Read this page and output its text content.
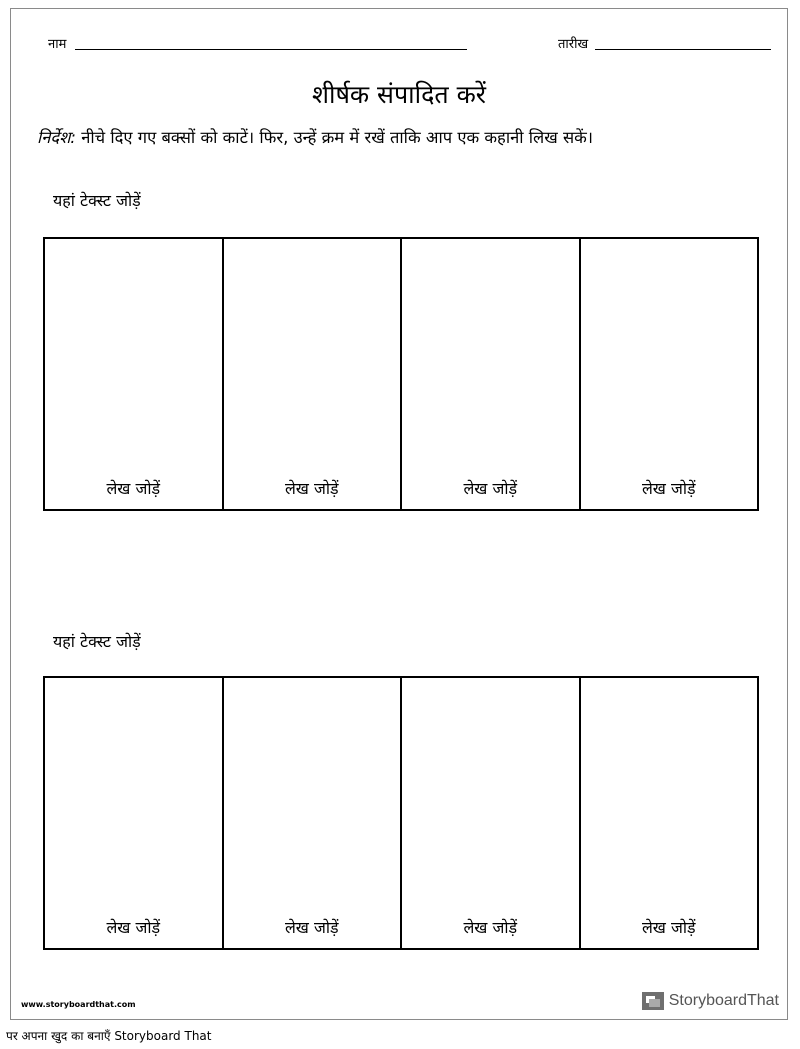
नाम	तारीख
शीर्षक संपादित करें
निर्देश: नीचे दिए गए बक्सों को काटें। फिर, उन्हें क्रम में रखें ताकि आप एक कहानी लिख सकें।
यहां टेक्स्ट जोड़ें
लेख जोड़ें	लेख जोड़ें	लेख जोड़ें	लेख जोड़ें
यहां टेक्स्ट जोड़ें
लेख जोड़ें	लेख जोड़ें	लेख जोड़ें	लेख जोड़ें
www.storyboardthat.com	StoryboardThat
पर अपना खुद का बनाएँ Storyboard That
